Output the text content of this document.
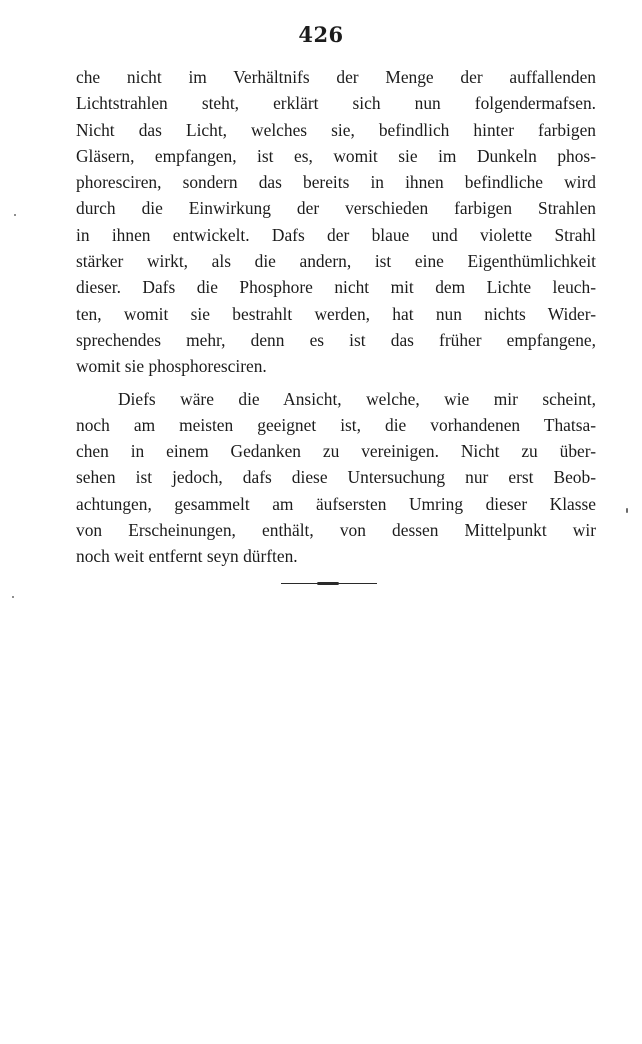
426
che nicht im Verhältnifs der Menge der auffallenden
Lichtstrahlen steht, erklärt sich nun folgendermafsen.
Nicht das Licht, welches sie, befindlich hinter farbigen
Gläsern, empfangen, ist es, womit sie im Dunkeln phos-
phoresciren, sondern das bereits in ihnen befindliche wird
durch die Einwirkung der verschieden farbigen Strahlen
in ihnen entwickelt. Dafs der blaue und violette Strahl
stärker wirkt, als die andern, ist eine Eigenthümlichkeit
dieser. Dafs die Phosphore nicht mit dem Lichte leuch-
ten, womit sie bestrahlt werden, hat nun nichts Wider-
sprechendes mehr, denn es ist das früher empfangene,
womit sie phosphoresciren.
Diefs wäre die Ansicht, welche, wie mir scheint,
noch am meisten geeignet ist, die vorhandenen Thatsa-
chen in einem Gedanken zu vereinigen. Nicht zu über-
sehen ist jedoch, dafs diese Untersuchung nur erst Beob-
achtungen, gesammelt am äufsersten Umring dieser Klasse
von Erscheinungen, enthält, von dessen Mittelpunkt wir
noch weit entfernt seyn dürften.
